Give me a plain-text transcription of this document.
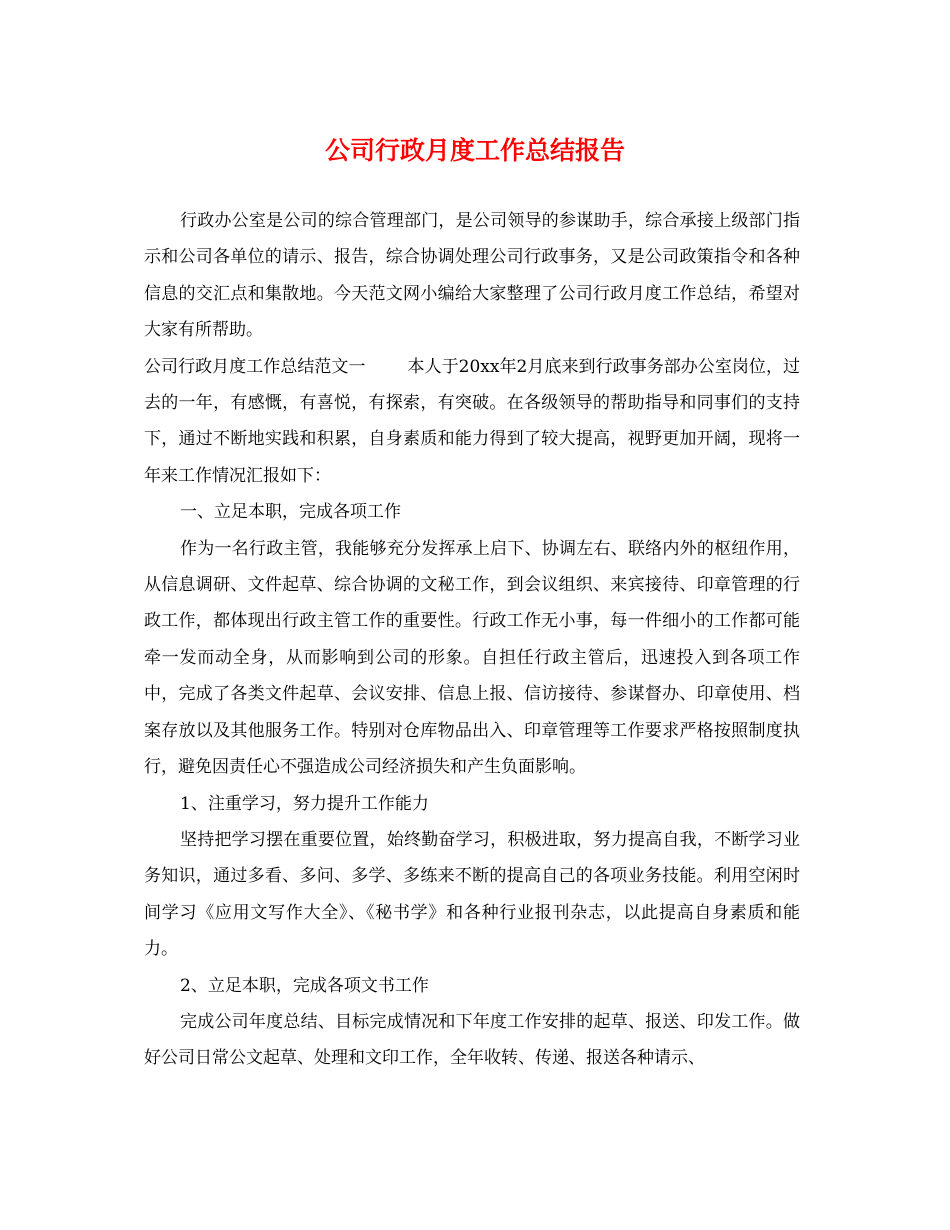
公司行政月度工作总结报告

行政办公室是公司的综合管理部门，是公司领导的参谋助手，综合承接上级部门指示和公司各单位的请示、报告，综合协调处理公司行政事务，又是公司政策指令和各种信息的交汇点和集散地。今天范文网小编给大家整理了公司行政月度工作总结，希望对大家有所帮助。

公司行政月度工作总结范文一 本人于20xx年2月底来到行政事务部办公室岗位，过去的一年，有感慨，有喜悦，有探索，有突破。在各级领导的帮助指导和同事们的支持下，通过不断地实践和积累，自身素质和能力得到了较大提高，视野更加开阔，现将一年来工作情况汇报如下：

一、立足本职，完成各项工作

作为一名行政主管，我能够充分发挥承上启下、协调左右、联络内外的枢纽作用，从信息调研、文件起草、综合协调的文秘工作，到会议组织、来宾接待、印章管理的行政工作，都体现出行政主管工作的重要性。行政工作无小事，每一件细小的工作都可能牵一发而动全身，从而影响到公司的形象。自担任行政主管后，迅速投入到各项工作中，完成了各类文件起草、会议安排、信息上报、信访接待、参谋督办、印章使用、档案存放以及其他服务工作。特别对仓库物品出入、印章管理等工作要求严格按照制度执行，避免因责任心不强造成公司经济损失和产生负面影响。

1、注重学习，努力提升工作能力

坚持把学习摆在重要位置，始终勤奋学习，积极进取，努力提高自我，不断学习业务知识，通过多看、多问、多学、多练来不断的提高自己的各项业务技能。利用空闲时间学习《应用文写作大全》、《秘书学》和各种行业报刊杂志，以此提高自身素质和能力。

2、立足本职，完成各项文书工作

完成公司年度总结、目标完成情况和下年度工作安排的起草、报送、印发工作。做好公司日常公文起草、处理和文印工作，全年收转、传递、报送各种请示、
